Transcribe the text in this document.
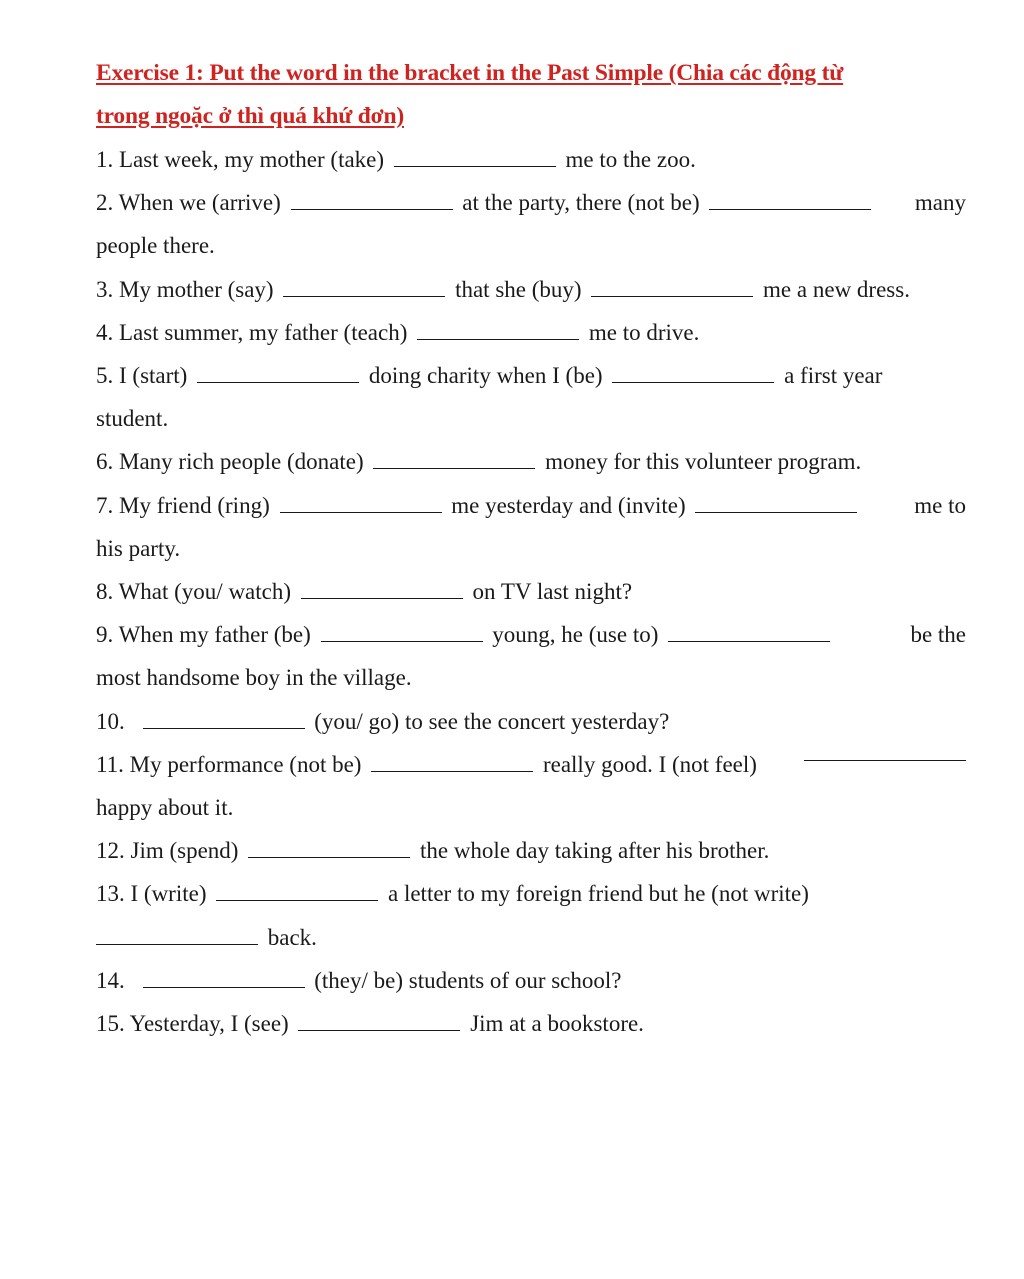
Exercise 1: Put the word in the bracket in the Past Simple (Chia các động từ
trong ngoặc ở thì quá khứ đơn)
1. Last week, my mother (take)	me to the zoo.
2. When we (arrive)	at the party, there (not be)	many
people there.
3. My mother (say)	that she (buy)	me a new dress.
4. Last summer, my father (teach)	me to drive.
5. I (start)	doing charity when I (be)	a first year
student.
6. Many rich people (donate)	money for this volunteer program.
7. My friend (ring)	me yesterday and (invite)	me to
his party.
8. What (you/ watch)	on TV last night?
9. When my father (be)	young, he (use to)	be the
most handsome boy in the village.
10.	(you/ go) to see the concert yesterday?
11. My performance (not be)	really good. I (not feel)
happy about it.
12. Jim (spend)	the whole day taking after his brother.
13. I (write)	a letter to my foreign friend but he (not write)
back.
14.	(they/ be) students of our school?
15. Yesterday, I (see)	Jim at a bookstore.
